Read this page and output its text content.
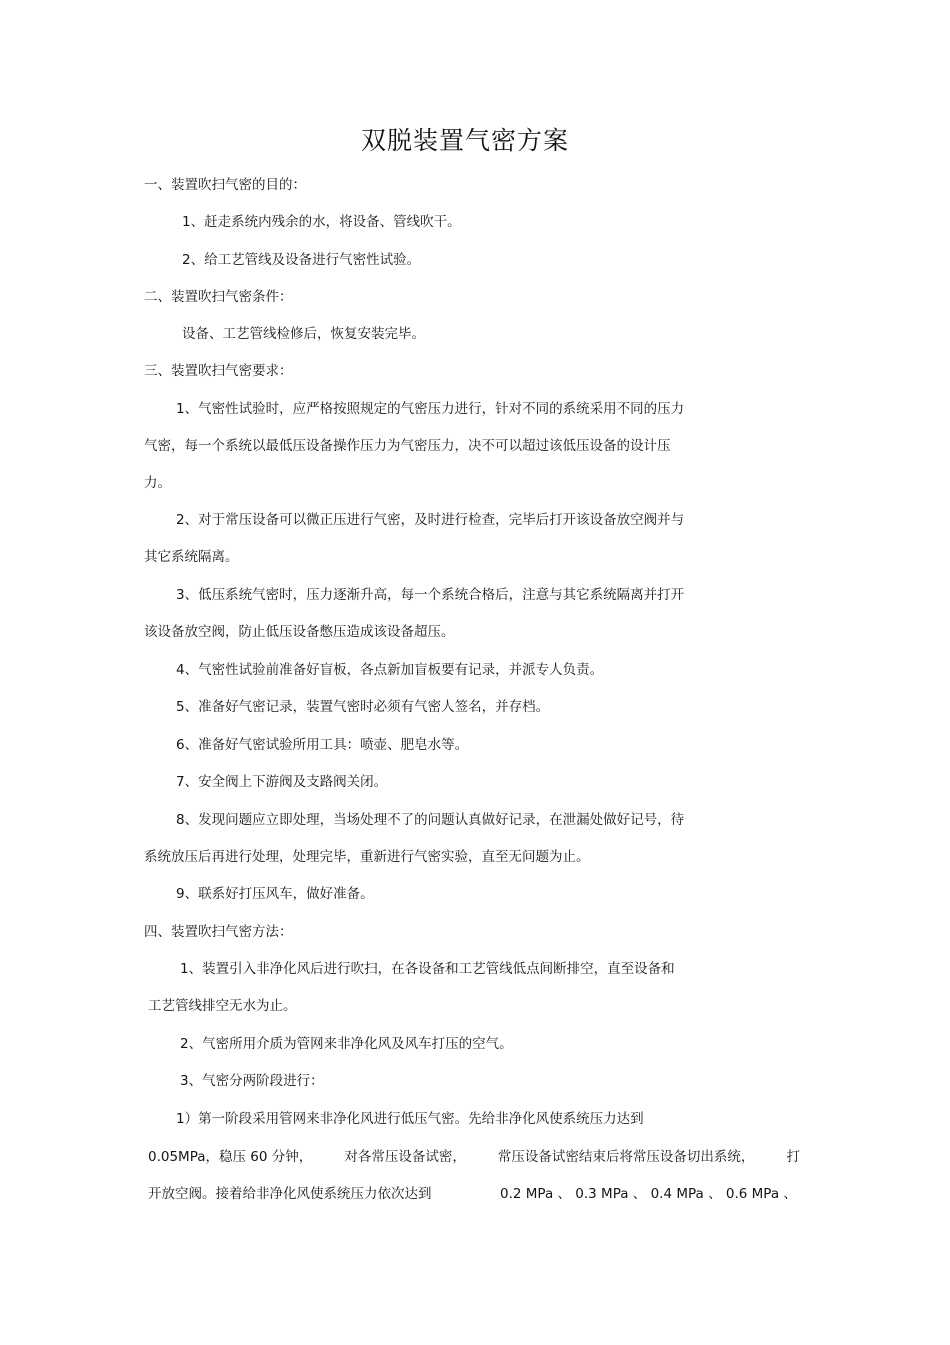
双脱装置气密方案
一、装置吹扫气密的目的：
1、赶走系统内残余的水，将设备、管线吹干。
2、给工艺管线及设备进行气密性试验。
二、装置吹扫气密条件：
设备、工艺管线检修后，恢复安装完毕。
三、装置吹扫气密要求：
1、气密性试验时，应严格按照规定的气密压力进行，针对不同的系统采用不同的压力
气密，每一个系统以最低压设备操作压力为气密压力，决不可以超过该低压设备的设计压
力。
2、对于常压设备可以微正压进行气密，及时进行检查，完毕后打开该设备放空阀并与
其它系统隔离。
3、低压系统气密时，压力逐渐升高，每一个系统合格后，注意与其它系统隔离并打开
该设备放空阀，防止低压设备憋压造成该设备超压。
4、气密性试验前准备好盲板，各点新加盲板要有记录，并派专人负责。
5、准备好气密记录，装置气密时必须有气密人签名，并存档。
6、准备好气密试验所用工具：喷壶、肥皂水等。
7、安全阀上下游阀及支路阀关闭。
8、发现问题应立即处理，当场处理不了的问题认真做好记录，在泄漏处做好记号，待
系统放压后再进行处理，处理完毕，重新进行气密实验，直至无问题为止。
9、联系好打压风车，做好准备。
四、装置吹扫气密方法：
1、装置引入非净化风后进行吹扫，在各设备和工艺管线低点间断排空，直至设备和
工艺管线排空无水为止。
2、气密所用介质为管网来非净化风及风车打压的空气。
3、气密分两阶段进行：
1）第一阶段采用管网来非净化风进行低压气密。先给非净化风使系统压力达到
0.05MPa，稳压 60 分钟， 对各常压设备试密， 常压设备试密结束后将常压设备切出系统， 打
开放空阀。接着给非净化风使系统压力依次达到	0.2 MPa 、 0.3 MPa 、 0.4 MPa 、 0.6 MPa 、
